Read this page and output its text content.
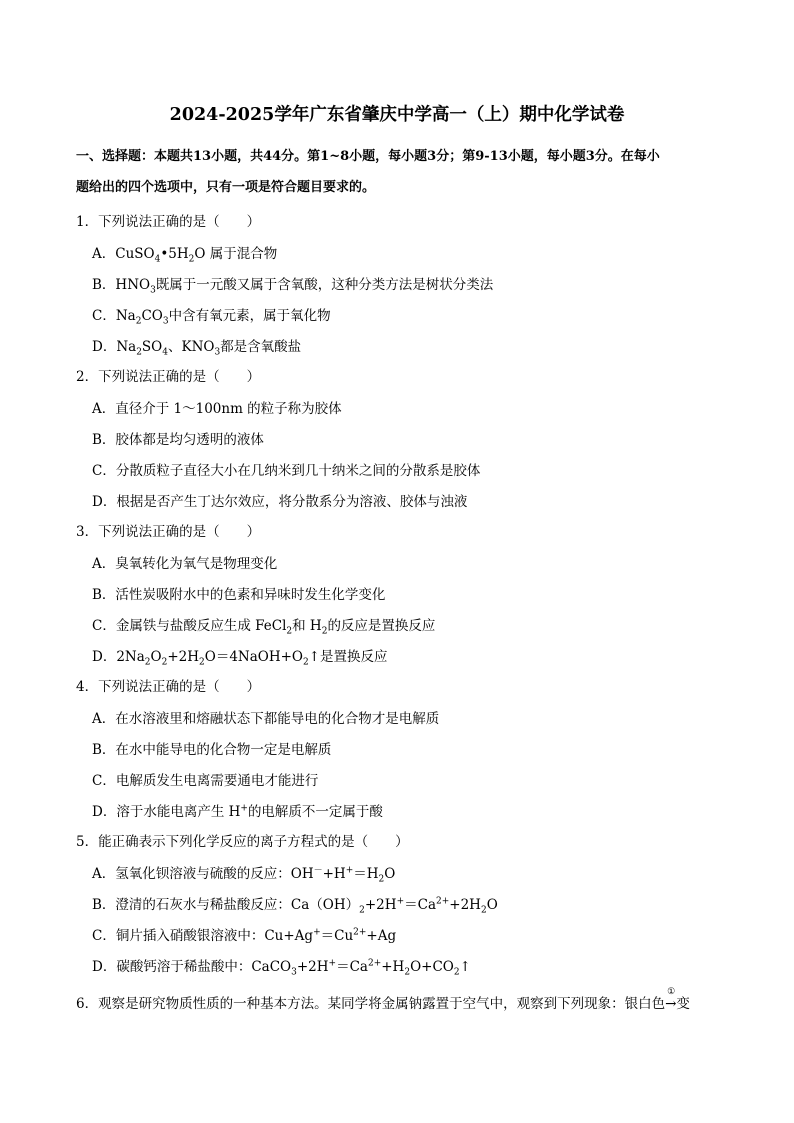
2024-2025学年广东省肇庆中学高一（上）期中化学试卷
一、选择题：本题共13小题，共44分。第1~8小题，每小题3分；第9-13小题，每小题3分。在每小
题给出的四个选项中，只有一项是符合题目要求的。
1．下列说法正确的是（　　）
A．$CuSO_4•5H_2O$ 属于混合物
B．$HNO_3$既属于一元酸又属于含氧酸，这种分类方法是树状分类法
C．$Na_2CO_3$中含有氧元素，属于氧化物
D．$Na_2SO_4$、$KNO_3$都是含氧酸盐
2．下列说法正确的是（　　）
A．直径介于 1～100nm 的粒子称为胶体
B．胶体都是均匀透明的液体
C．分散质粒子直径大小在几纳米到几十纳米之间的分散系是胶体
D．根据是否产生丁达尔效应，将分散系分为溶液、胶体与浊液
3．下列说法正确的是（　　）
A．臭氧转化为氧气是物理变化
B．活性炭吸附水中的色素和异味时发生化学变化
C．金属铁与盐酸反应生成 FeCl$_2$和 $H_2$的反应是置换反应
D．$2Na_2O_2+2H_2O=4NaOH+O_2↑$是置换反应
4．下列说法正确的是（　　）
A．在水溶液里和熔融状态下都能导电的化合物才是电解质
B．在水中能导电的化合物一定是电解质
C．电解质发生电离需要通电才能进行
D．溶于水能电离产生 H+的电解质不一定属于酸
5．能正确表示下列化学反应的离子方程式的是（　　）
A．氢氧化钡溶液与硫酸的反应：$OH^-+H^+=H_2O$
B．澄清的石灰水与稀盐酸反应：$Ca(OH)_2+2H^+=Ca^{2+}+2H_2O$
C．铜片插入硝酸银溶液中：$Cu+Ag^+=Cu^{2+}+Ag$
D．碳酸钙溶于稀盐酸中：$CaCO_3+2H^+=Ca^{2+}+H_2O+CO_2↑$
6．观察是研究物质性质的一种基本方法。某同学将金属钠露置于空气中，观察到下列现象：银白色
①
→变
